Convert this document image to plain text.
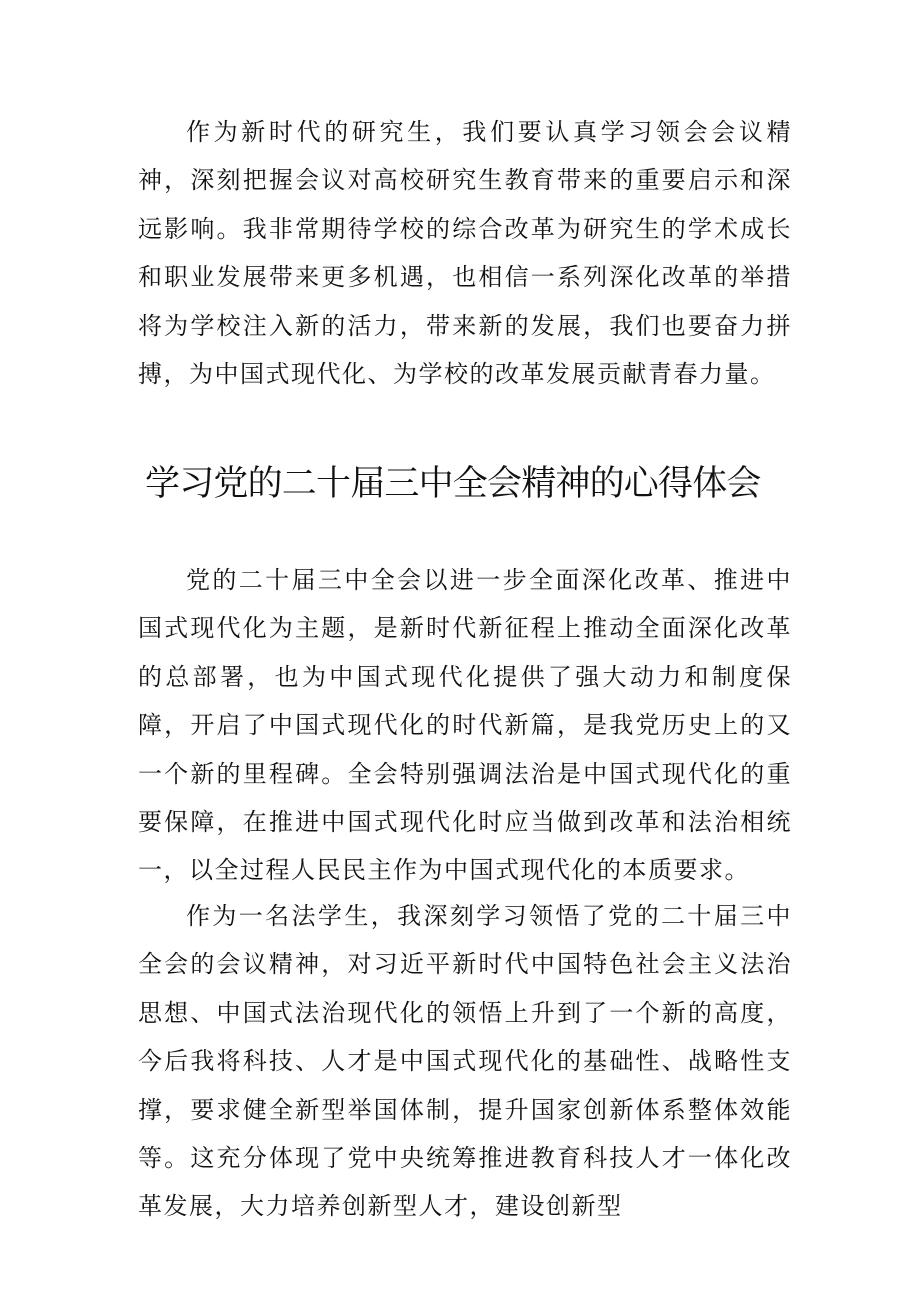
作为新时代的研究生，我们要认真学习领会会议精神，深刻把握会议对高校研究生教育带来的重要启示和深远影响。我非常期待学校的综合改革为研究生的学术成长和职业发展带来更多机遇，也相信一系列深化改革的举措将为学校注入新的活力，带来新的发展，我们也要奋力拼搏，为中国式现代化、为学校的改革发展贡献青春力量。

学习党的二十届三中全会精神的心得体会

党的二十届三中全会以进一步全面深化改革、推进中国式现代化为主题，是新时代新征程上推动全面深化改革的总部署，也为中国式现代化提供了强大动力和制度保障，开启了中国式现代化的时代新篇，是我党历史上的又一个新的里程碑。全会特别强调法治是中国式现代化的重要保障，在推进中国式现代化时应当做到改革和法治相统一，以全过程人民民主作为中国式现代化的本质要求。

作为一名法学生，我深刻学习领悟了党的二十届三中全会的会议精神，对习近平新时代中国特色社会主义法治思想、中国式法治现代化的领悟上升到了一个新的高度，今后我将科技、人才是中国式现代化的基础性、战略性支撑，要求健全新型举国体制，提升国家创新体系整体效能等。这充分体现了党中央统筹推进教育科技人才一体化改革发展，大力培养创新型人才，建设创新型
